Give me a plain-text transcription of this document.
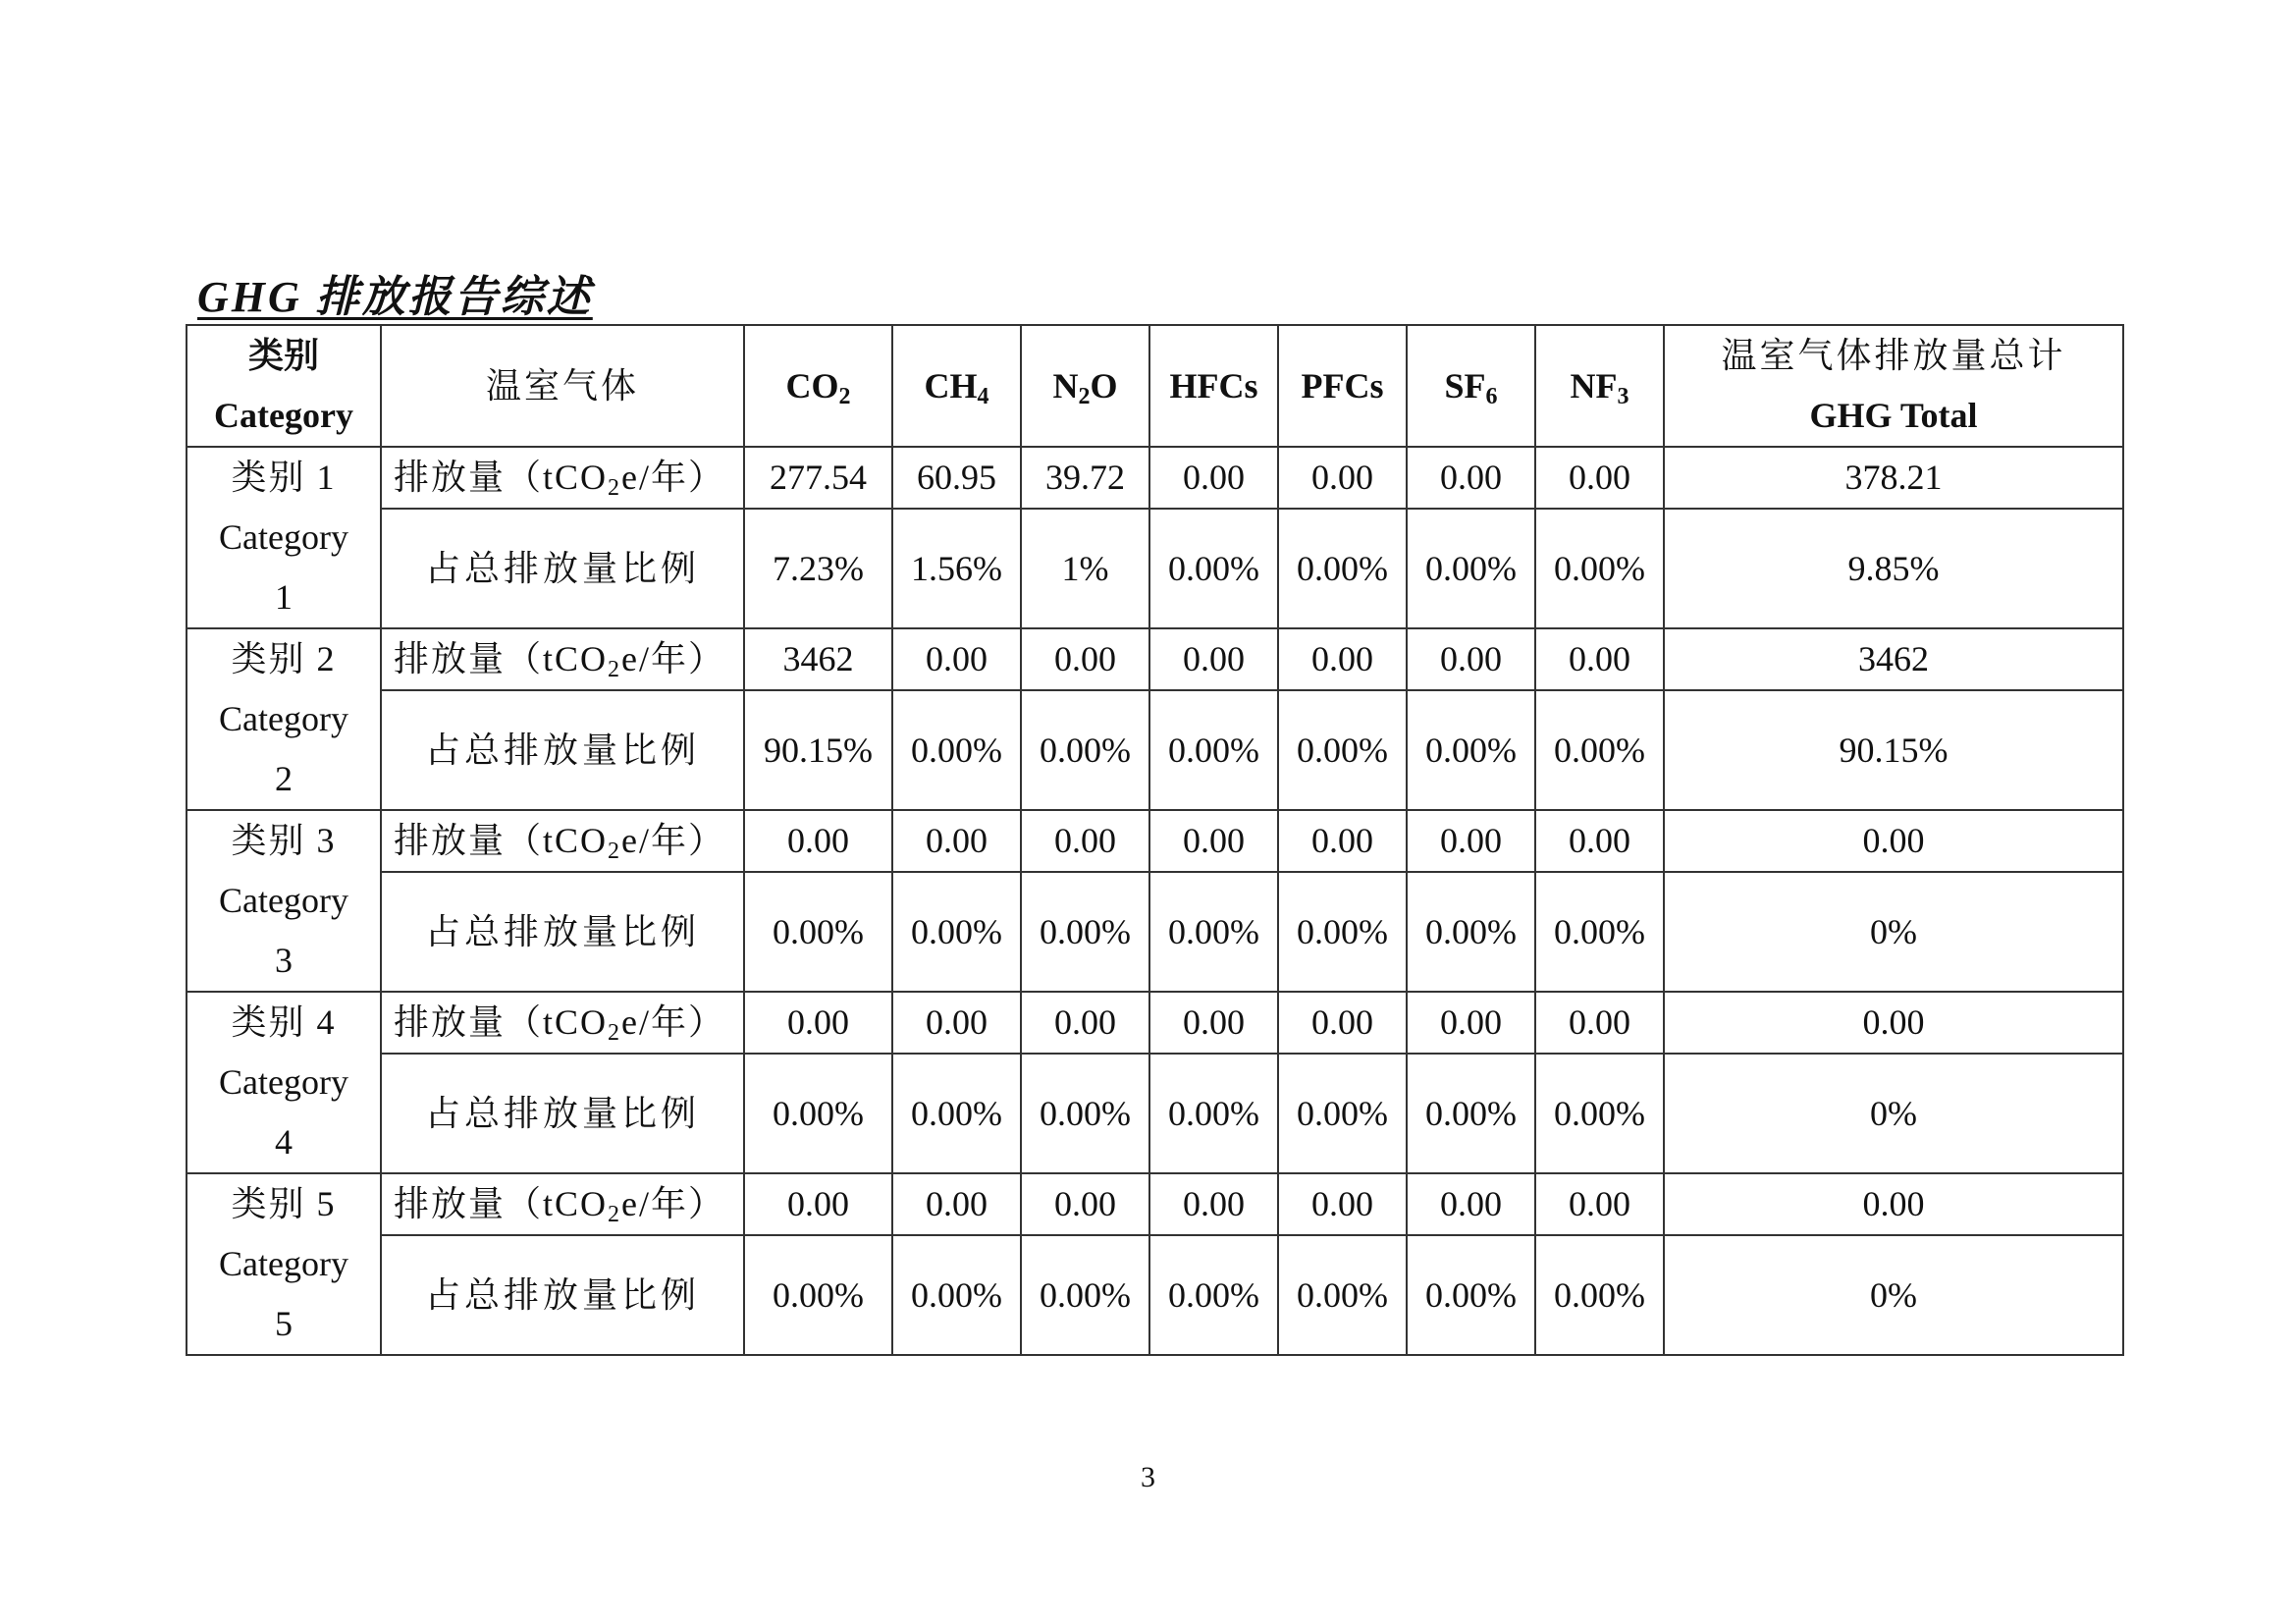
GHG 排放报告综述
类别
Category	温室气体	$CO_2$	$CH_4$	$N_2O$	HFCs	PFCs	$SF_6$	$NF_3$	温室气体排放量总计
GHG Total

类别 1
Category
1	排放量（tCO$_2$e/年）	277.54	60.95	39.72	0.00	0.00	0.00	0.00	378.21
	占总排放量比例	7.23%	1.56%	1%	0.00%	0.00%	0.00%	0.00%	9.85%

类别 2
Category
2	排放量（tCO$_2$e/年）	3462	0.00	0.00	0.00	0.00	0.00	0.00	3462
	占总排放量比例	90.15%	0.00%	0.00%	0.00%	0.00%	0.00%	0.00%	90.15%

类别 3
Category
3	排放量（tCO$_2$e/年）	0.00	0.00	0.00	0.00	0.00	0.00	0.00	0.00
	占总排放量比例	0.00%	0.00%	0.00%	0.00%	0.00%	0.00%	0.00%	0%

类别 4
Category
4	排放量（tCO$_2$e/年）	0.00	0.00	0.00	0.00	0.00	0.00	0.00	0.00
	占总排放量比例	0.00%	0.00%	0.00%	0.00%	0.00%	0.00%	0.00%	0%

类别 5
Category
5	排放量（tCO$_2$e/年）	0.00	0.00	0.00	0.00	0.00	0.00	0.00	0.00
	占总排放量比例	0.00%	0.00%	0.00%	0.00%	0.00%	0.00%	0.00%	0%
3
